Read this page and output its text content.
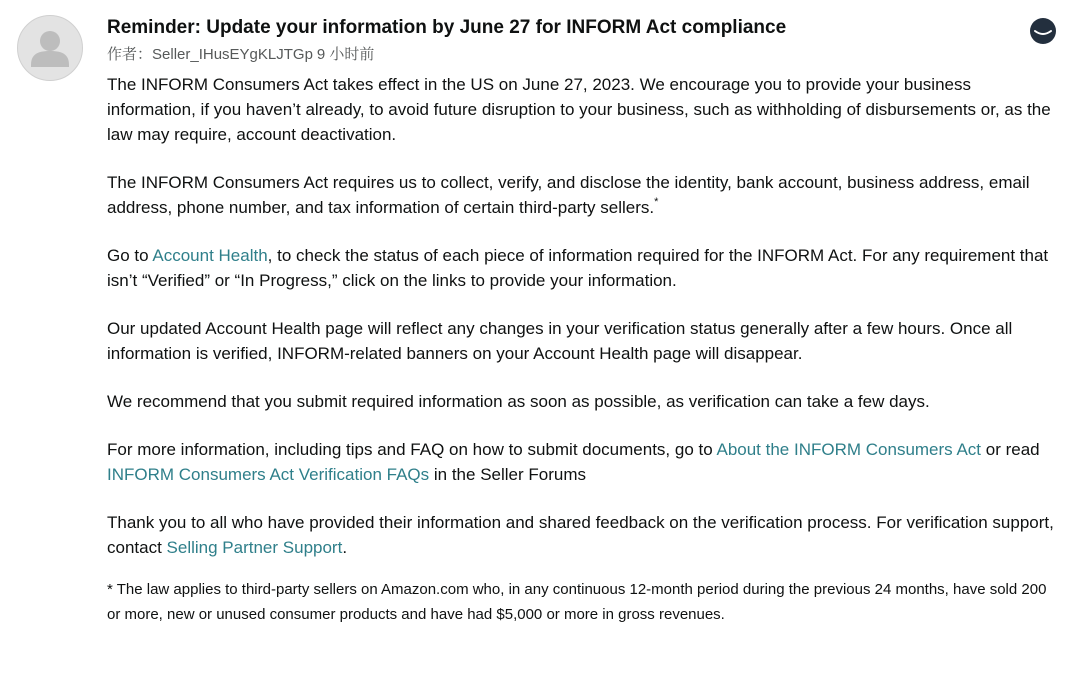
Reminder: Update your information by June 27 for INFORM Act compliance
作者：Seller_IHusEYgKLJTGp 9 小时前

The INFORM Consumers Act takes effect in the US on June 27, 2023. We encourage you to provide your business information, if you haven’t already, to avoid future disruption to your business, such as withholding of disbursements or, as the law may require, account deactivation.

The INFORM Consumers Act requires us to collect, verify, and disclose the identity, bank account, business address, email address, phone number, and tax information of certain third-party sellers.*

Go to Account Health, to check the status of each piece of information required for the INFORM Act. For any requirement that isn’t “Verified” or “In Progress,” click on the links to provide your information.

Our updated Account Health page will reflect any changes in your verification status generally after a few hours. Once all information is verified, INFORM-related banners on your Account Health page will disappear.

We recommend that you submit required information as soon as possible, as verification can take a few days.

For more information, including tips and FAQ on how to submit documents, go to About the INFORM Consumers Act or read INFORM Consumers Act Verification FAQs in the Seller Forums

Thank you to all who have provided their information and shared feedback on the verification process. For verification support, contact Selling Partner Support.

* The law applies to third-party sellers on Amazon.com who, in any continuous 12-month period during the previous 24 months, have sold 200 or more, new or unused consumer products and have had $5,000 or more in gross revenues.
